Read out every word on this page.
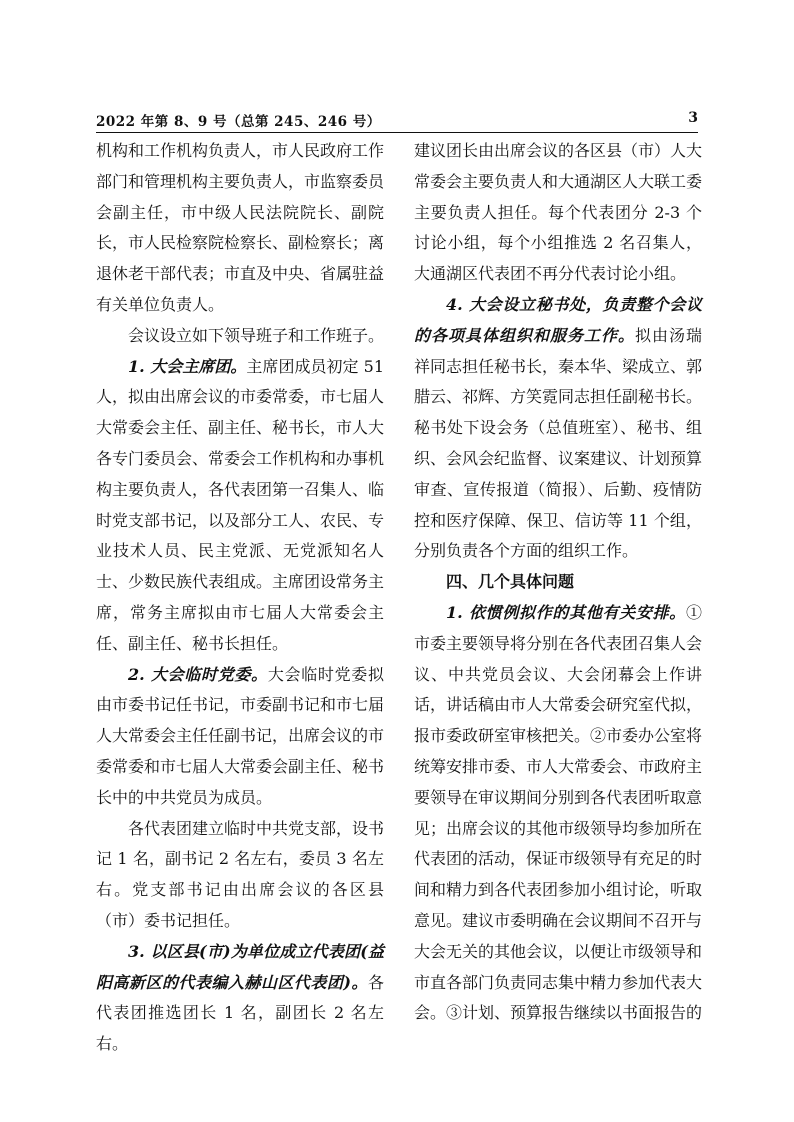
2022 年第 8、9 号（总第 245、246 号）	3

机构和工作机构负责人，市人民政府工作部门和管理机构主要负责人，市监察委员会副主任，市中级人民法院院长、副院长，市人民检察院检察长、副检察长；离退休老干部代表；市直及中央、省属驻益有关单位负责人。

会议设立如下领导班子和工作班子。

1. 大会主席团。主席团成员初定 51 人，拟由出席会议的市委常委，市七届人大常委会主任、副主任、秘书长，市人大各专门委员会、常委会工作机构和办事机构主要负责人，各代表团第一召集人、临时党支部书记，以及部分工人、农民、专业技术人员、民主党派、无党派知名人士、少数民族代表组成。主席团设常务主席，常务主席拟由市七届人大常委会主任、副主任、秘书长担任。

2. 大会临时党委。大会临时党委拟由市委书记任书记，市委副书记和市七届人大常委会主任任副书记，出席会议的市委常委和市七届人大常委会副主任、秘书长中的中共党员为成员。

各代表团建立临时中共党支部，设书记 1 名，副书记 2 名左右，委员 3 名左右。党支部书记由出席会议的各区县（市）委书记担任。

3. 以区县(市)为单位成立代表团(益阳高新区的代表编入赫山区代表团)。各代表团推选团长 1 名，副团长 2 名左右。

建议团长由出席会议的各区县（市）人大常委会主要负责人和大通湖区人大联工委主要负责人担任。每个代表团分 2-3 个讨论小组，每个小组推选 2 名召集人，大通湖区代表团不再分代表讨论小组。

4. 大会设立秘书处，负责整个会议的各项具体组织和服务工作。拟由汤瑞祥同志担任秘书长，秦本华、梁成立、郭腊云、祁辉、方笑霓同志担任副秘书长。秘书处下设会务（总值班室）、秘书、组织、会风会纪监督、议案建议、计划预算审查、宣传报道（简报）、后勤、疫情防控和医疗保障、保卫、信访等 11 个组，分别负责各个方面的组织工作。

四、几个具体问题

1. 依惯例拟作的其他有关安排。①市委主要领导将分别在各代表团召集人会议、中共党员会议、大会闭幕会上作讲话，讲话稿由市人大常委会研究室代拟，报市委政研室审核把关。②市委办公室将统筹安排市委、市人大常委会、市政府主要领导在审议期间分别到各代表团听取意见；出席会议的其他市级领导均参加所在代表团的活动，保证市级领导有充足的时间和精力到各代表团参加小组讨论，听取意见。建议市委明确在会议期间不召开与大会无关的其他会议，以便让市级领导和市直各部门负责同志集中精力参加代表大会。③计划、预算报告继续以书面报告的
